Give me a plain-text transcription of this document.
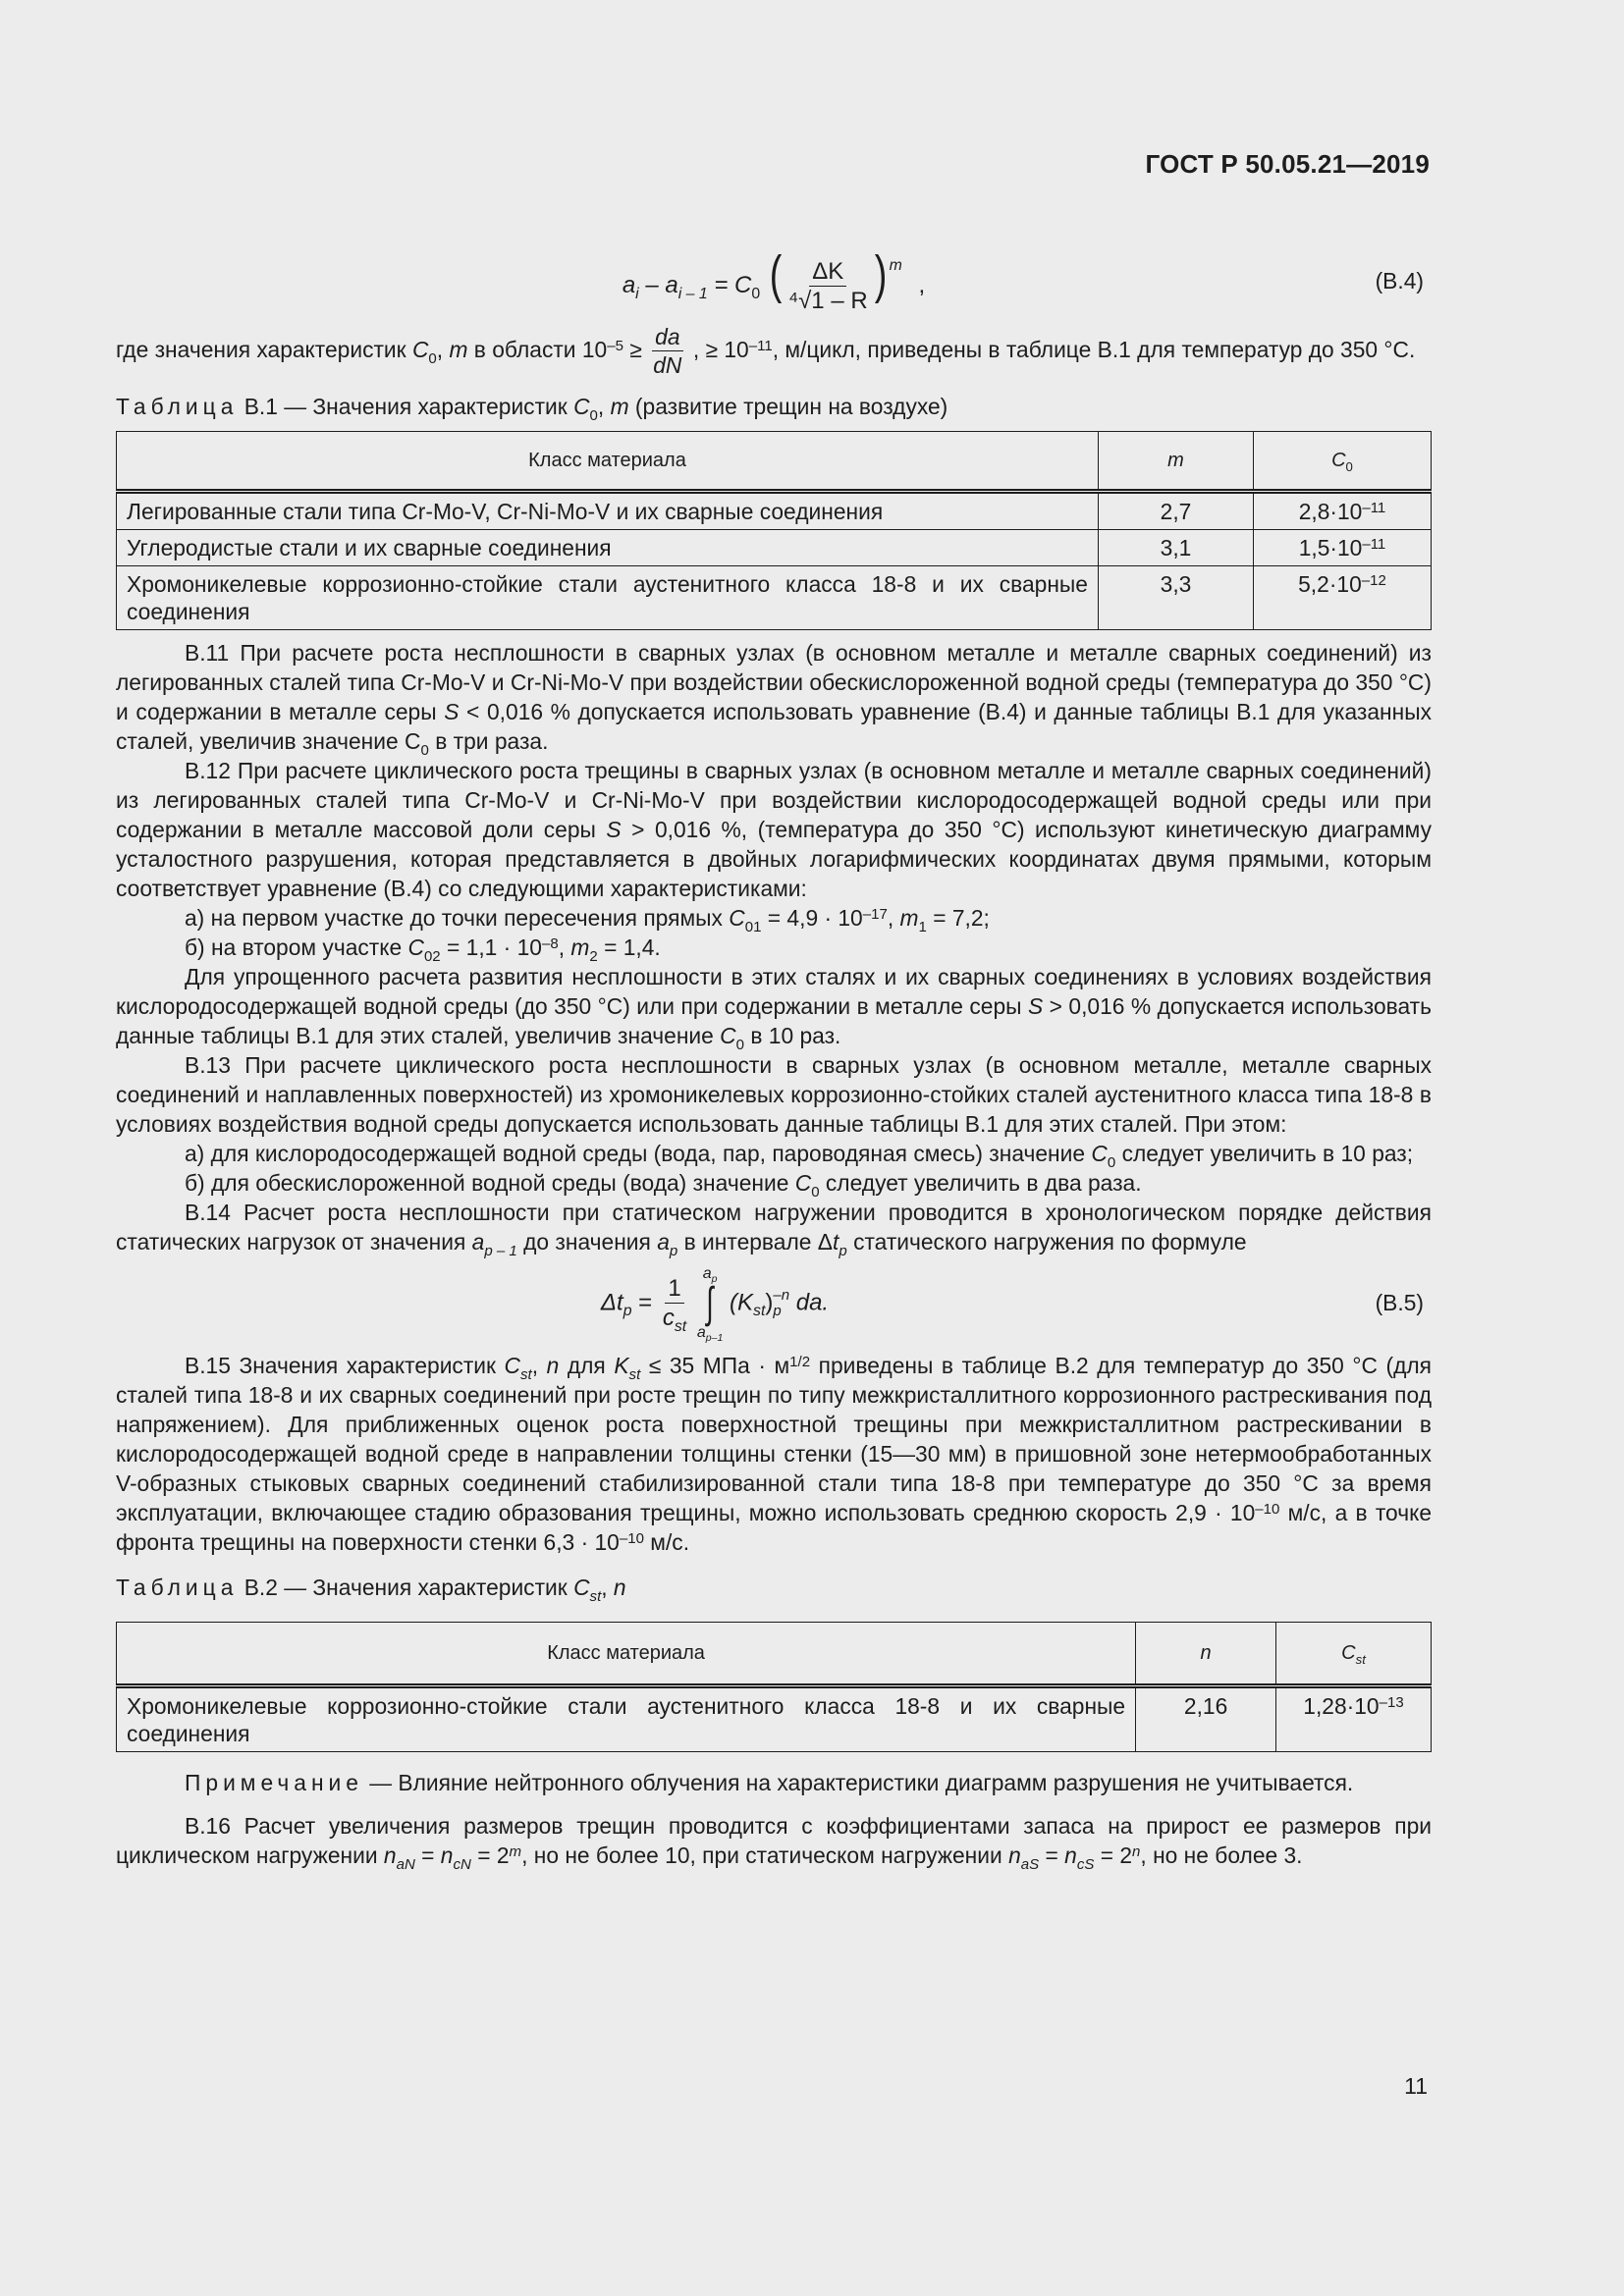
ГОСТ Р 50.05.21—2019
$a_i - a_{i - 1} = C_0$ ( $\frac{\Delta K}{\text{⁴√1 – R}}$ ) $^m$ ,	(В.4)

где значения характеристик $C_0$, m в области $10^{-5} \ge \frac{da}{dN}$ , ≥ $10^{-11}$, м/цикл, приведены в таблице В.1 для температур до 350 °С.

Таблица В.1 — Значения характеристик $C_0$, m (развитие трещин на воздухе)

Класс материала	m	$C_0$
Легированные стали типа Cr-Mo-V, Cr-Ni-Mo-V и их сварные соединения	2,7	$2,8\cdot 10^{-11}$
Углеродистые стали и их сварные соединения	3,1	$1,5\cdot 10^{-11}$
Хромоникелевые коррозионно-стойкие стали аустенитного класса 18-8 и их сварные соединения	3,3	$5,2\cdot 10^{-12}$

В.11 При расчете роста несплошности в сварных узлах (в основном металле и металле сварных соединений) из легированных сталей типа Cr-Mo-V и Cr-Ni-Mo-V при воздействии обескислороженной водной среды (температура до 350 °С) и содержании в металле серы S < 0,016 % допускается использовать уравнение (В.4) и данные таблицы В.1 для указанных сталей, увеличив значение $C_0$ в три раза.

В.12 При расчете циклического роста трещины в сварных узлах (в основном металле и металле сварных соединений) из легированных сталей типа Cr-Mo-V и Cr-Ni-Mo-V при воздействии кислородосодержащей водной среды или при содержании в металле массовой доли серы S > 0,016 %, (температура до 350 °С) используют кинетическую диаграмму усталостного разрушения, которая представляется в двойных логарифмических координатах двумя прямыми, которым соответствует уравнение (В.4) со следующими характеристиками:

а) на первом участке до точки пересечения прямых $C_{01} = 4,9 \cdot 10^{-17}$, $m_1 = 7,2$;

б) на втором участке $C_{02} = 1,1 \cdot 10^{-8}$, $m_2 = 1,4$.

Для упрощенного расчета развития несплошности в этих сталях и их сварных соединениях в условиях воздействия кислородосодержащей водной среды (до 350 °С) или при содержании в металле серы S > 0,016 % допускается использовать данные таблицы В.1 для этих сталей, увеличив значение $C_0$ в 10 раз.

В.13 При расчете циклического роста несплошности в сварных узлах (в основном металле, металле сварных соединений и наплавленных поверхностей) из хромоникелевых коррозионно-стойких сталей аустенитного класса типа 18-8 в условиях воздействия водной среды допускается использовать данные таблицы В.1 для этих сталей. При этом:

а) для кислородосодержащей водной среды (вода, пар, пароводяная смесь) значение $C_0$ следует увеличить в 10 раз;

б) для обескислороженной водной среды (вода) значение $C_0$ следует увеличить в два раза.

В.14 Расчет роста несплошности при статическом нагружении проводится в хронологическом порядке действия статических нагрузок от значения $a_{p - 1}$ до значения $a_p$ в интервале $\Delta t_p$ статического нагружения по формуле

$\Delta t_p = \frac{1}{c_{st}}$

$a_p$
∫
$a_{p-1}$
$(K_{st})$ –n
p da.	(В.5)

В.15 Значения характеристик $C_{st}$, n для $K_{st} \le 35$ МПа · $м^{1/2}$ приведены в таблице В.2 для температур до 350 °С (для сталей типа 18-8 и их сварных соединений при росте трещин по типу межкристаллитного коррозионного растрескивания под напряжением). Для приближенных оценок роста поверхностной трещины при межкристаллитном растрескивании в кислородосодержащей водной среде в направлении толщины стенки (15—30 мм) в пришовной зоне нетермообработанных V-образных стыковых сварных соединений стабилизированной стали типа 18-8 при температуре до 350 °С за время эксплуатации, включающее стадию образования трещины, можно использовать среднюю скорость $2,9 \cdot 10^{-10}$ м/с, а в точке фронта трещины на поверхности стенки $6,3 \cdot 10^{-10}$ м/с.

Таблица В.2 — Значения характеристик $C_{st}$, n

Класс материала	n	$C_{st}$
Хромоникелевые коррозионно-стойкие стали аустенитного класса 18-8 и их сварные соединения	2,16	$1,28\cdot 10^{-13}$

Примечание — Влияние нейтронного облучения на характеристики диаграмм разрушения не учитывается.

В.16 Расчет увеличения размеров трещин проводится с коэффициентами запаса на прирост ее размеров при циклическом нагружении $n_{aN} = n_{cN} = 2^m$, но не более 10, при статическом нагружении $n_{aS} = n_{cS} = 2^n$, но не более 3.

11
